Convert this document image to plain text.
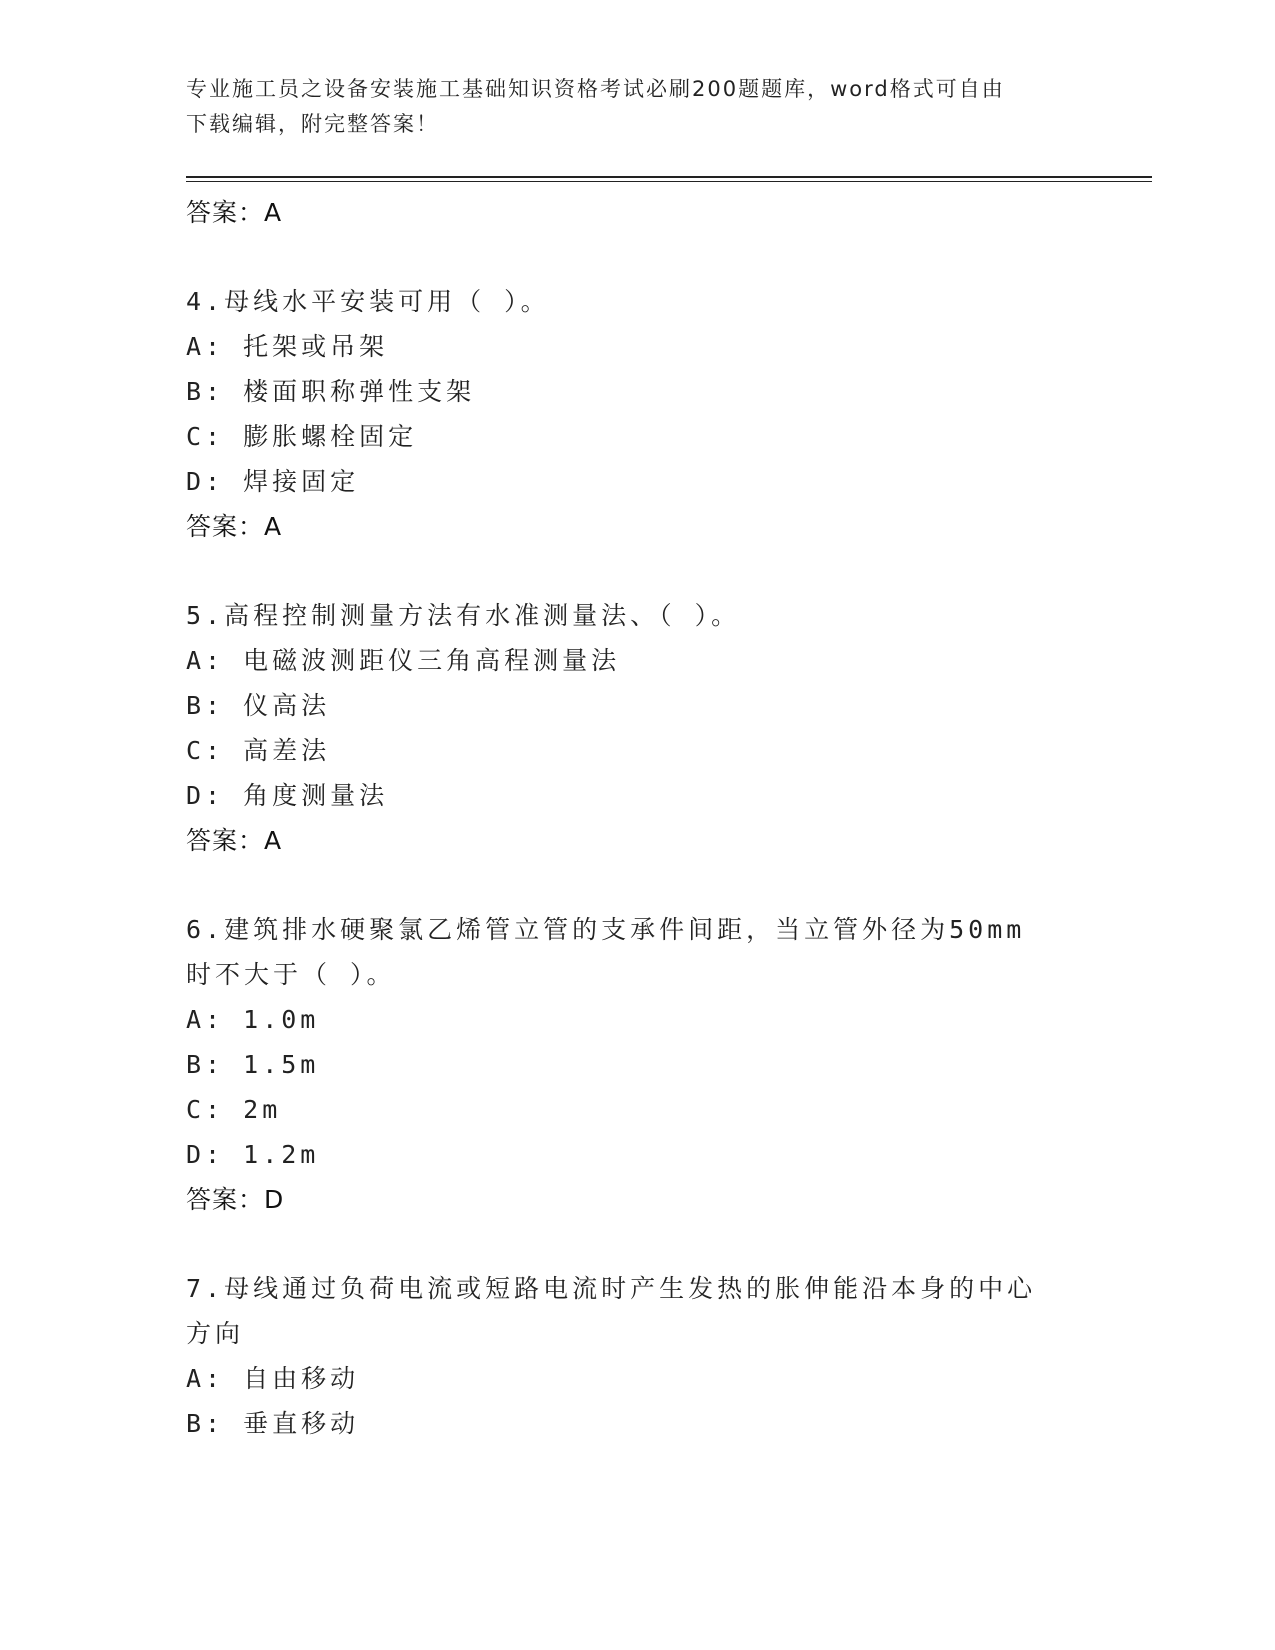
专业施工员之设备安装施工基础知识资格考试必刷200题题库，word格式可自由
下载编辑，附完整答案！
答案：A
4.母线水平安装可用（ ）。
A: 托架或吊架
B: 楼面职称弹性支架
C: 膨胀螺栓固定
D: 焊接固定
答案：A
5.高程控制测量方法有水准测量法、（ ）。
A: 电磁波测距仪三角高程测量法
B: 仪高法
C: 高差法
D: 角度测量法
答案：A
6.建筑排水硬聚氯乙烯管立管的支承件间距，当立管外径为50mm时不大于（ ）。
A: 1.0m
B: 1.5m
C: 2m
D: 1.2m
答案：D
7.母线通过负荷电流或短路电流时产生发热的胀伸能沿本身的中心方向
A: 自由移动
B: 垂直移动
